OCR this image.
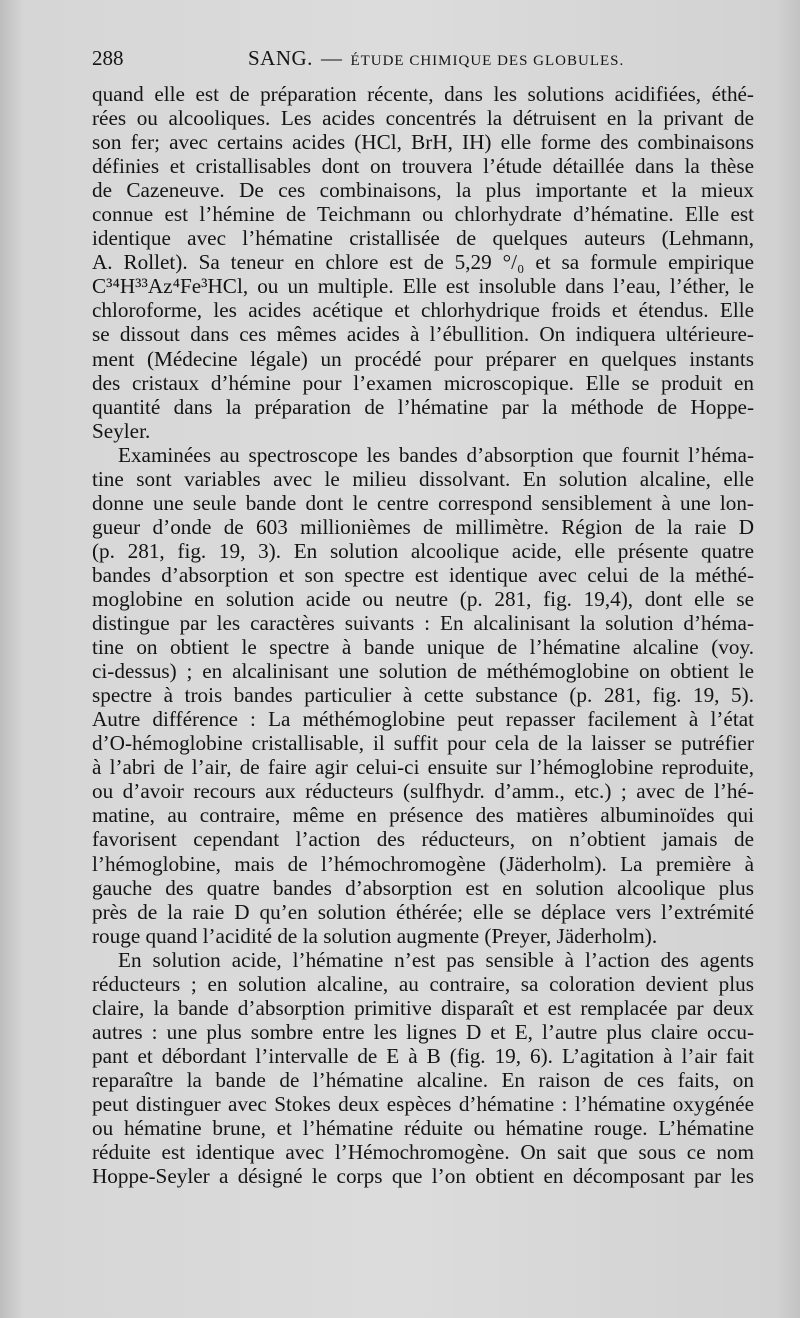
288	SANG. — ÉTUDE CHIMIQUE DES GLOBULES.

quand elle est de préparation récente, dans les solutions acidifiées, éthé-
rées ou alcooliques. Les acides concentrés la détruisent en la privant de
son fer; avec certains acides (HCl, BrH, IH) elle forme des combinaisons
définies et cristallisables dont on trouvera l’étude détaillée dans la thèse
de Cazeneuve. De ces combinaisons, la plus importante et la mieux
connue est l’hémine de Teichmann ou chlorhydrate d’hématine. Elle est
identique avec l’hématine cristallisée de quelques auteurs (Lehmann,
A. Rollet). Sa teneur en chlore est de 5,29 °/₀ et sa formule empirique
C³⁴H³³Az⁴Fe³HCl, ou un multiple. Elle est insoluble dans l’eau, l’éther, le
chloroforme, les acides acétique et chlorhydrique froids et étendus. Elle
se dissout dans ces mêmes acides à l’ébullition. On indiquera ultérieure-
ment (Médecine légale) un procédé pour préparer en quelques instants
des cristaux d’hémine pour l’examen microscopique. Elle se produit en
quantité dans la préparation de l’hématine par la méthode de Hoppe-
Seyler.

Examinées au spectroscope les bandes d’absorption que fournit l’héma-
tine sont variables avec le milieu dissolvant. En solution alcaline, elle
donne une seule bande dont le centre correspond sensiblement à une lon-
gueur d’onde de 603 millionièmes de millimètre. Région de la raie D
(p. 281, fig. 19, 3). En solution alcoolique acide, elle présente quatre
bandes d’absorption et son spectre est identique avec celui de la méthé-
moglobine en solution acide ou neutre (p. 281, fig. 19,4), dont elle se
distingue par les caractères suivants : En alcalinisant la solution d’héma-
tine on obtient le spectre à bande unique de l’hématine alcaline (voy.
ci-dessus) ; en alcalinisant une solution de méthémoglobine on obtient le
spectre à trois bandes particulier à cette substance (p. 281, fig. 19, 5).
Autre différence : La méthémoglobine peut repasser facilement à l’état
d’O-hémoglobine cristallisable, il suffit pour cela de la laisser se putréfier
à l’abri de l’air, de faire agir celui-ci ensuite sur l’hémoglobine reproduite,
ou d’avoir recours aux réducteurs (sulfhydr. d’amm., etc.) ; avec de l’hé-
matine, au contraire, même en présence des matières albuminoïdes qui
favorisent cependant l’action des réducteurs, on n’obtient jamais de
l’hémoglobine, mais de l’hémochromogène (Jäderholm). La première à
gauche des quatre bandes d’absorption est en solution alcoolique plus
près de la raie D qu’en solution éthérée; elle se déplace vers l’extrémité
rouge quand l’acidité de la solution augmente (Preyer, Jäderholm).

En solution acide, l’hématine n’est pas sensible à l’action des agents
réducteurs ; en solution alcaline, au contraire, sa coloration devient plus
claire, la bande d’absorption primitive disparaît et est remplacée par deux
autres : une plus sombre entre les lignes D et E, l’autre plus claire occu-
pant et débordant l’intervalle de E à B (fig. 19, 6). L’agitation à l’air fait
reparaître la bande de l’hématine alcaline. En raison de ces faits, on
peut distinguer avec Stokes deux espèces d’hématine : l’hématine oxygénée
ou hématine brune, et l’hématine réduite ou hématine rouge. L’hématine
réduite est identique avec l’Hémochromogène. On sait que sous ce nom
Hoppe-Seyler a désigné le corps que l’on obtient en décomposant par les
